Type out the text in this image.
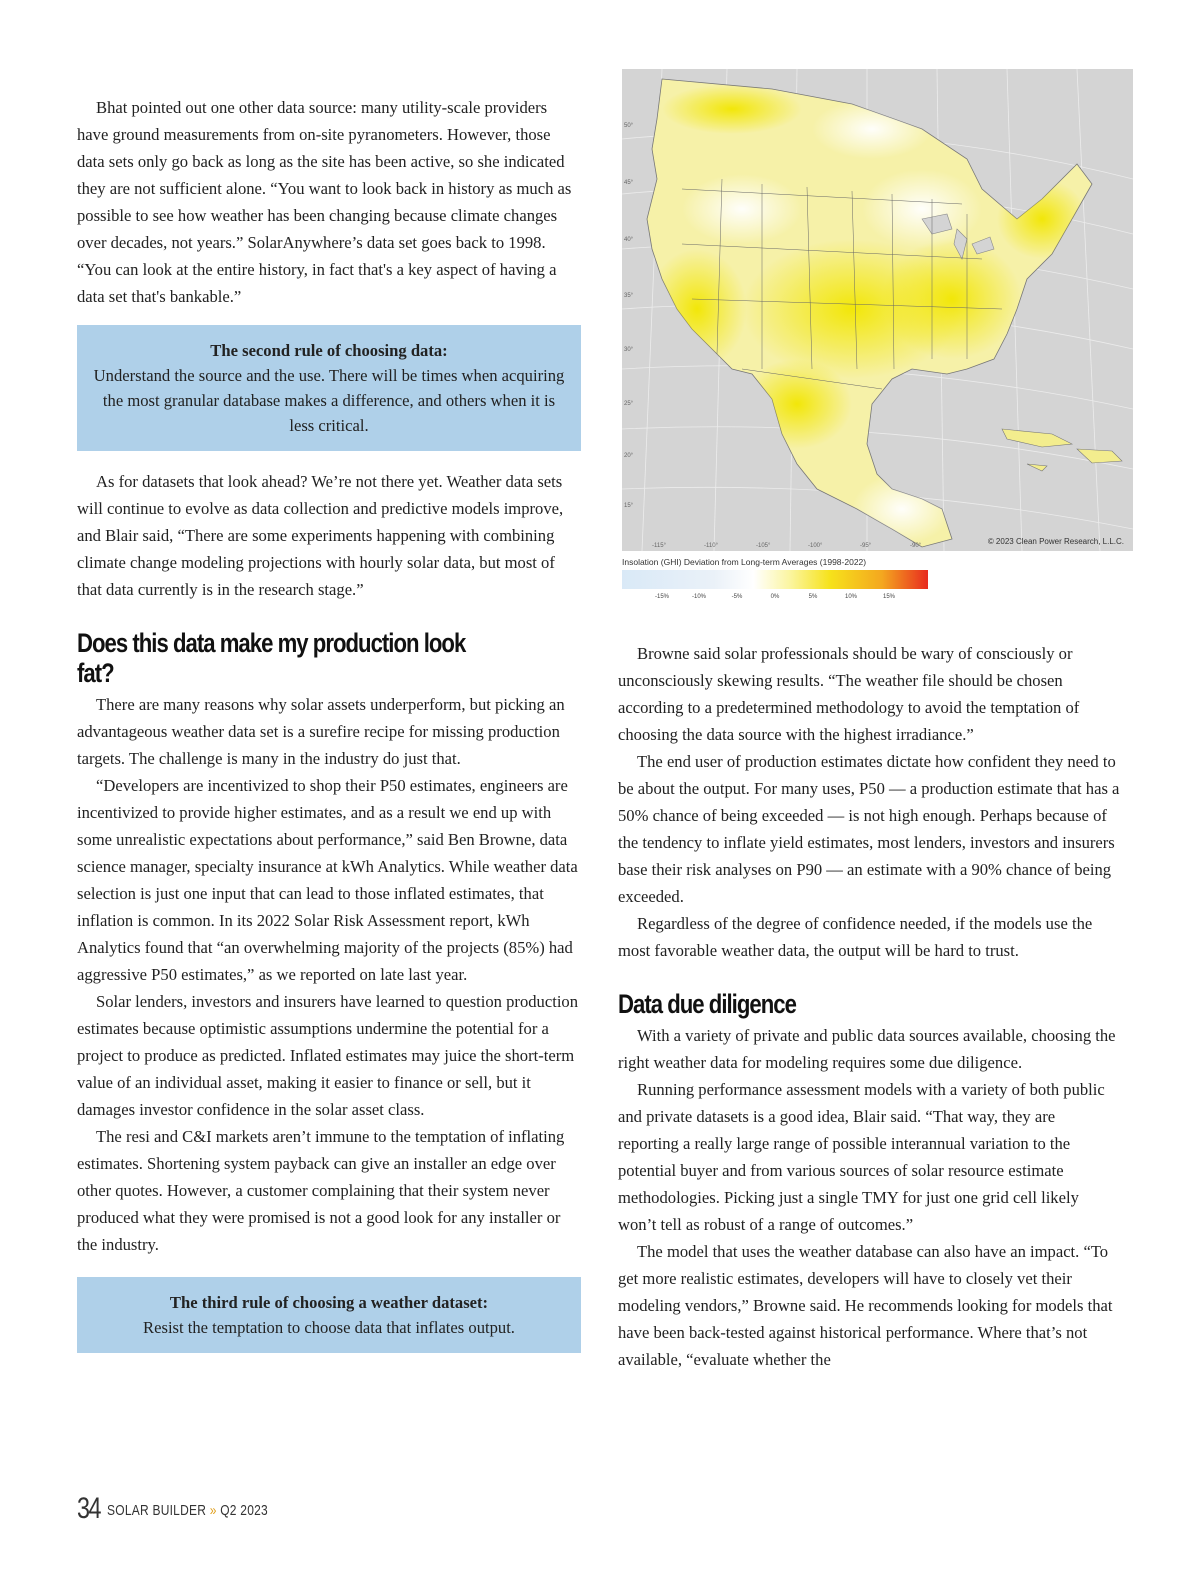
Bhat pointed out one other data source: many utility-scale providers have ground measurements from on-site pyranometers. However, those data sets only go back as long as the site has been active, so she indicated they are not sufficient alone. “You want to look back in history as much as possible to see how weather has been changing because climate changes over decades, not years.” SolarAnywhere’s data set goes back to 1998. “You can look at the entire history, in fact that's a key aspect of having a data set that's bankable.”

The second rule of choosing data:

Understand the source and the use. There will be times when acquiring the most granular database makes a difference, and others when it is less critical.

As for datasets that look ahead? We’re not there yet. Weather data sets will continue to evolve as data collection and predictive models improve, and Blair said, “There are some experiments happening with combining climate change modeling projections with hourly solar data, but most of that data currently is in the research stage.”

Does this data make my production look fat?

There are many reasons why solar assets underperform, but picking an advantageous weather data set is a surefire recipe for missing production targets. The challenge is many in the industry do just that.

“Developers are incentivized to shop their P50 estimates, engineers are incentivized to provide higher estimates, and as a result we end up with some unrealistic expectations about performance,” said Ben Browne, data science manager, specialty insurance at kWh Analytics. While weather data selection is just one input that can lead to those inflated estimates, that inflation is common. In its 2022 Solar Risk Assessment report, kWh Analytics found that “an overwhelming majority of the projects (85%) had aggressive P50 estimates,” as we reported on late last year.

Solar lenders, investors and insurers have learned to question production estimates because optimistic assumptions undermine the potential for a project to produce as predicted. Inflated estimates may juice the short-term value of an individual asset, making it easier to finance or sell, but it damages investor confidence in the solar asset class.

The resi and C&I markets aren’t immune to the temptation of inflating estimates. Shortening system payback can give an installer an edge over other quotes. However, a customer complaining that their system never produced what they were promised is not a good look for any installer or the industry.

The third rule of choosing a weather dataset:

Resist the temptation to choose data that inflates output.

50°
45°
40°
35°
30°
25°
20°
15°
-115°	-110°	-105°	-100°	-95°	-90°	© 2023 Clean Power Research, L.L.C.
Insolation (GHI) Deviation from Long-term Averages (1998-2022)
-15%	-10%	-5%	0%	5%	10%	15%

Browne said solar professionals should be wary of consciously or unconsciously skewing results. “The weather file should be chosen according to a predetermined methodology to avoid the temptation of choosing the data source with the highest irradiance.”

The end user of production estimates dictate how confident they need to be about the output. For many uses, P50 — a production estimate that has a 50% chance of being exceeded — is not high enough. Perhaps because of the tendency to inflate yield estimates, most lenders, investors and insurers base their risk analyses on P90 — an estimate with a 90% chance of being exceeded.

Regardless of the degree of confidence needed, if the models use the most favorable weather data, the output will be hard to trust.

Data due diligence

With a variety of private and public data sources available, choosing the right weather data for modeling requires some due diligence.

Running performance assessment models with a variety of both public and private datasets is a good idea, Blair said. “That way, they are reporting a really large range of possible interannual variation to the potential buyer and from various sources of solar resource estimate methodologies. Picking just a single TMY for just one grid cell likely won’t tell as robust of a range of outcomes.”

The model that uses the weather database can also have an impact. “To get more realistic estimates, developers will have to closely vet their modeling vendors,” Browne said. He recommends looking for models that have been back-tested against historical performance. Where that’s not available, “evaluate whether the

34 SOLAR BUILDER » Q2 2023
